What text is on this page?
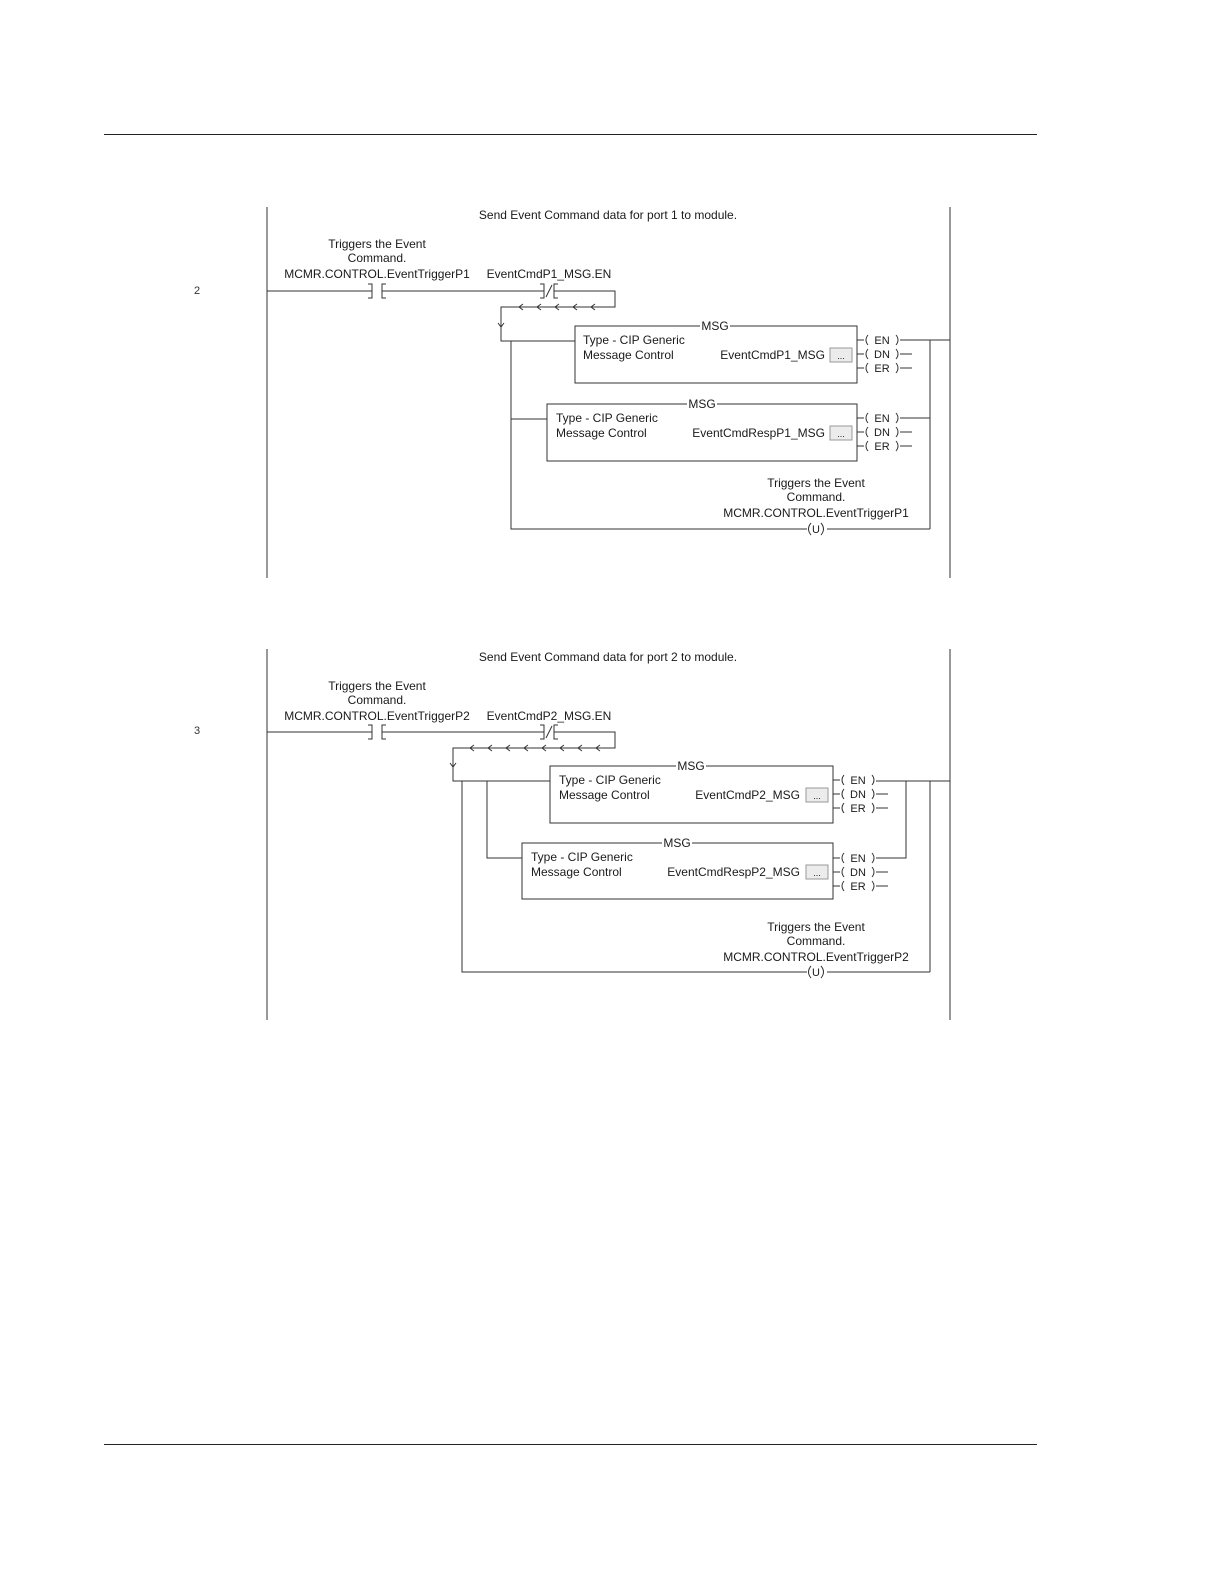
2
3
Send Event Command data for port 1 to module.
Triggers the Event
Command.
MCMR.CONTROL.EventTriggerP1 EventCmdP1_MSG.EN
MSG
Type - CIP Generic
Message Control	EventCmdP1_MSG ...
EN
DN
ER
MSG
Type - CIP Generic
Message Control	EventCmdRespP1_MSG ...
EN
DN
ER
Triggers the Event
Command.
MCMR.CONTROL.EventTriggerP1
U
Send Event Command data for port 2 to module.
Triggers the Event
Command.
MCMR.CONTROL.EventTriggerP2 EventCmdP2_MSG.EN
MSG
Type - CIP Generic
Message Control	EventCmdP2_MSG ...
EN
DN
ER
MSG
Type - CIP Generic
Message Control	EventCmdRespP2_MSG ...
EN
DN
ER
Triggers the Event
Command.
MCMR.CONTROL.EventTriggerP2
U
